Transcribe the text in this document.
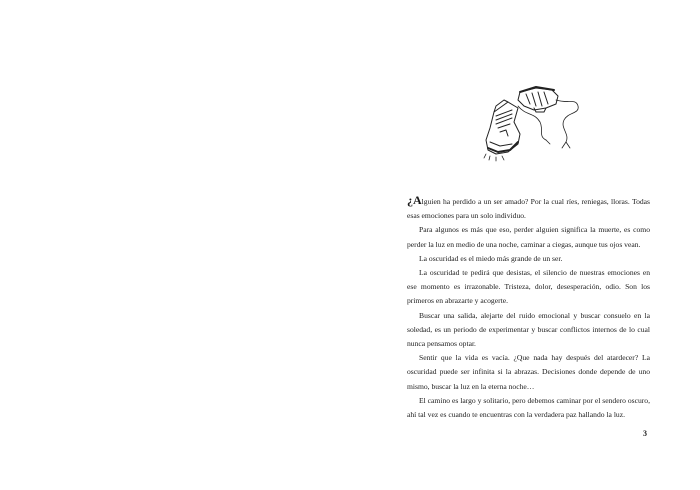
¿Alguien ha perdido a un ser amado? Por la cual ríes, reniegas, lloras. Todas esas emociones para un solo individuo.

Para algunos es más que eso, perder alguien significa la muerte, es como perder la luz en medio de una noche, caminar a ciegas, aunque tus ojos vean.

La oscuridad es el miedo más grande de un ser.

La oscuridad te pedirá que desistas, el silencio de nuestras emociones en ese momento es irrazonable. Tristeza, dolor, desesperación, odio. Son los primeros en abrazarte y acogerte.

Buscar una salida, alejarte del ruido emocional y buscar consuelo en la soledad, es un periodo de experimentar y buscar conflictos internos de lo cual nunca pensamos optar.

Sentir que la vida es vacía. ¿Que nada hay después del atardecer? La oscuridad puede ser infinita si la abrazas. Decisiones donde depende de uno mismo, buscar la luz en la eterna noche…

El camino es largo y solitario, pero debemos caminar por el sendero oscuro, ahí tal vez es cuando te encuentras con la verdadera paz hallando la luz.

3
